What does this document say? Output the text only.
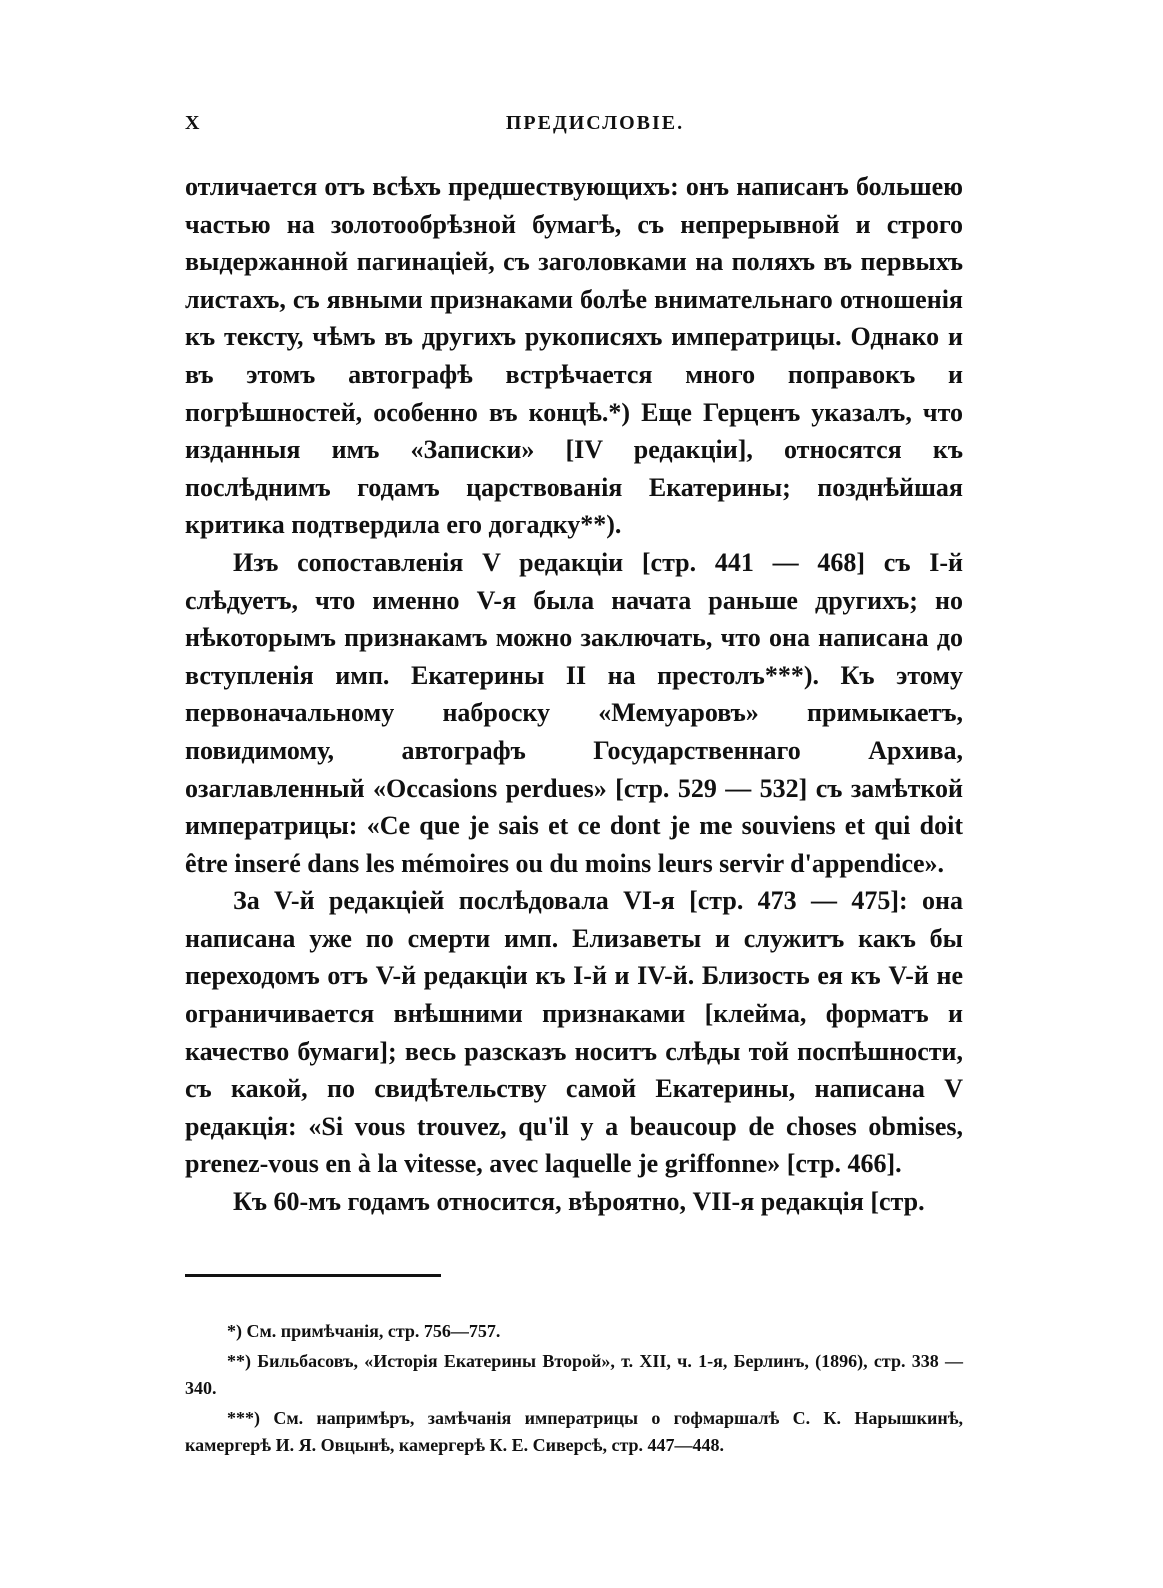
X	ПРЕДИСЛОВІЕ.

отличается отъ всѣхъ предшествующихъ: онъ написанъ большею частью на золотообрѣзной бумагѣ, съ непрерывной и строго выдержанной пагинаціей, съ заголовками на поляхъ въ первыхъ листахъ, съ явными признаками болѣе внимательнаго отношенія къ тексту, чѣмъ въ другихъ рукописяхъ императрицы. Однако и въ этомъ автографѣ встрѣчается много поправокъ и погрѣшностей, особенно въ концѣ.*) Еще Герценъ указалъ, что изданныя имъ «Записки» [IV редакціи], относятся къ послѣднимъ годамъ царствованія Екатерины; позднѣйшая критика подтвердила его догадку**).

Изъ сопоставленія V редакціи [стр. 441 — 468] съ I-й слѣдуетъ, что именно V-я была начата раньше другихъ; но нѣкоторымъ признакамъ можно заключать, что она написана до вступленія имп. Екатерины II на престолъ***). Къ этому первоначальному наброску «Мемуаровъ» примыкаетъ, повидимому, автографъ Государственнаго Архива, озаглавленный «Occasions perdues» [стр. 529 — 532] съ замѣткой императрицы: «Ce que je sais et ce dont je me souviens et qui doit être inseré dans les mémoires ou du moins leurs servir d'appendice».

За V-й редакціей послѣдовала VI-я [стр. 473 — 475]: она написана уже по смерти имп. Елизаветы и служитъ какъ бы переходомъ отъ V-й редакціи къ I-й и IV-й. Близость ея къ V-й не ограничивается внѣшними признаками [клейма, форматъ и качество бумаги]; весь разсказъ носитъ слѣды той поспѣшности, съ какой, по свидѣтельству самой Екатерины, написана V редакція: «Si vous trouvez, qu'il y a beaucoup de choses obmises, prenez-vous en à la vitesse, avec laquelle je griffonne» [стр. 466].

Къ 60-мъ годамъ относится, вѣроятно, VII-я редакція [стр.

*) См. примѣчанія, стр. 756—757.

**) Бильбасовъ, «Исторія Екатерины Второй», т. XII, ч. 1-я, Берлинъ, (1896), стр. 338 — 340.

***) См. напримѣръ, замѣчанія императрицы о гофмаршалѣ С. К. Нарышкинѣ, камергерѣ И. Я. Овцынѣ, камергерѣ К. Е. Сиверсѣ, стр. 447—448.
